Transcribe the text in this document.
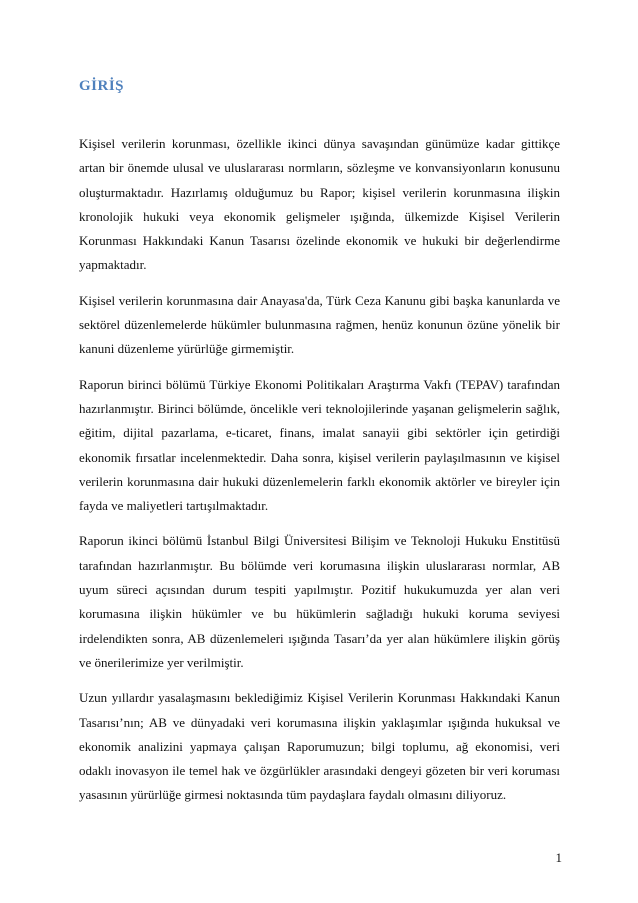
GİRİŞ

Kişisel verilerin korunması, özellikle ikinci dünya savaşından günümüze kadar gittikçe artan bir önemde ulusal ve uluslararası normların, sözleşme ve konvansiyonların konusunu oluşturmaktadır. Hazırlamış olduğumuz bu Rapor; kişisel verilerin korunmasına ilişkin kronolojik hukuki veya ekonomik gelişmeler ışığında, ülkemizde Kişisel Verilerin Korunması Hakkındaki Kanun Tasarısı özelinde ekonomik ve hukuki bir değerlendirme yapmaktadır.

Kişisel verilerin korunmasına dair Anayasa'da, Türk Ceza Kanunu gibi başka kanunlarda ve sektörel düzenlemelerde hükümler bulunmasına rağmen, henüz konunun özüne yönelik bir kanuni düzenleme yürürlüğe girmemiştir.

Raporun birinci bölümü Türkiye Ekonomi Politikaları Araştırma Vakfı (TEPAV) tarafından hazırlanmıştır. Birinci bölümde, öncelikle veri teknolojilerinde yaşanan gelişmelerin sağlık, eğitim, dijital pazarlama, e-ticaret, finans, imalat sanayii gibi sektörler için getirdiği ekonomik fırsatlar incelenmektedir. Daha sonra, kişisel verilerin paylaşılmasının ve kişisel verilerin korunmasına dair hukuki düzenlemelerin farklı ekonomik aktörler ve bireyler için fayda ve maliyetleri tartışılmaktadır.

Raporun ikinci bölümü İstanbul Bilgi Üniversitesi Bilişim ve Teknoloji Hukuku Enstitüsü tarafından hazırlanmıştır. Bu bölümde veri korumasına ilişkin uluslararası normlar, AB uyum süreci açısından durum tespiti yapılmıştır. Pozitif hukukumuzda yer alan veri korumasına ilişkin hükümler ve bu hükümlerin sağladığı hukuki koruma seviyesi irdelendikten sonra, AB düzenlemeleri ışığında Tasarı’da yer alan hükümlere ilişkin görüş ve önerilerimize yer verilmiştir.

Uzun yıllardır yasalaşmasını beklediğimiz Kişisel Verilerin Korunması Hakkındaki Kanun Tasarısı’nın; AB ve dünyadaki veri korumasına ilişkin yaklaşımlar ışığında hukuksal ve ekonomik analizini yapmaya çalışan Raporumuzun; bilgi toplumu, ağ ekonomisi, veri odaklı inovasyon ile temel hak ve özgürlükler arasındaki dengeyi gözeten bir veri koruması yasasının yürürlüğe girmesi noktasında tüm paydaşlara faydalı olmasını diliyoruz.

1
